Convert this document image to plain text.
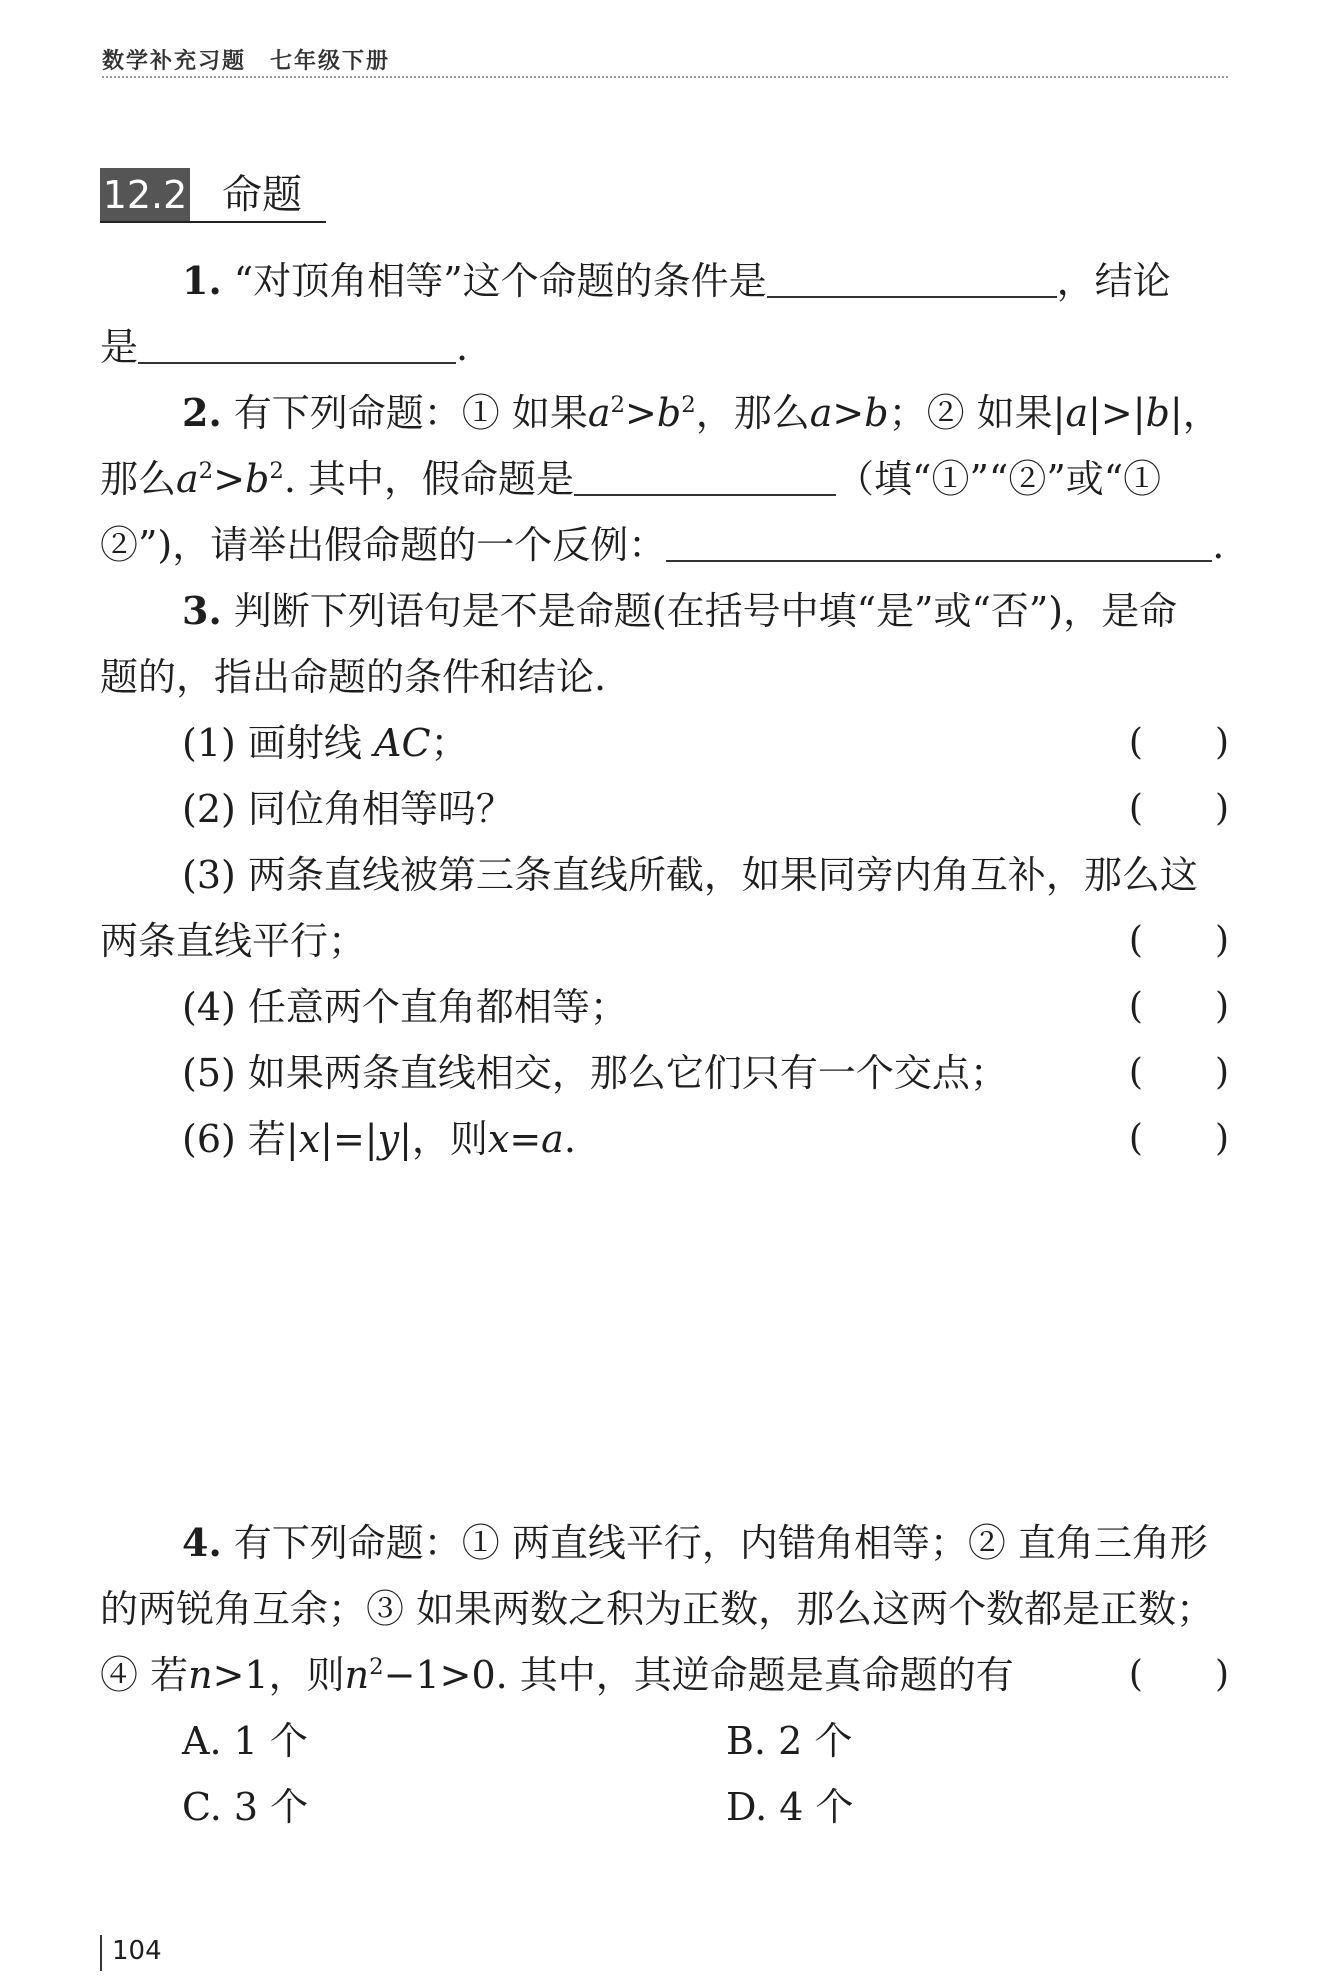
数学补充习题　七年级下册
12.2 命题
1. “对顶角相等”这个命题的条件是	，结论
是	.
2. 有下列命题：① 如果$a^2>b^2$，那么a>b；② 如果|a|>|b|，
那么$a^2>b^2$. 其中，假命题是	（填“①”“②”或“①
②”)，请举出假命题的一个反例：	.
3. 判断下列语句是不是命题(在括号中填“是”或“否”)，是命
题的，指出命题的条件和结论.
(1) 画射线 AC；	(　　)
(2) 同位角相等吗？	(　　)
(3) 两条直线被第三条直线所截，如果同旁内角互补，那么这
两条直线平行；	(　　)
(4) 任意两个直角都相等；	(　　)
(5) 如果两条直线相交，那么它们只有一个交点；	(　　)
(6) 若|x|=|y|，则x=a.	(　　)
4. 有下列命题：① 两直线平行，内错角相等；② 直角三角形
的两锐角互余；③ 如果两数之积为正数，那么这两个数都是正数；
④ 若n>1，则$n^2-1>0$. 其中，其逆命题是真命题的有	(　　)
A. 1 个	B. 2 个
C. 3 个	D. 4 个
104
